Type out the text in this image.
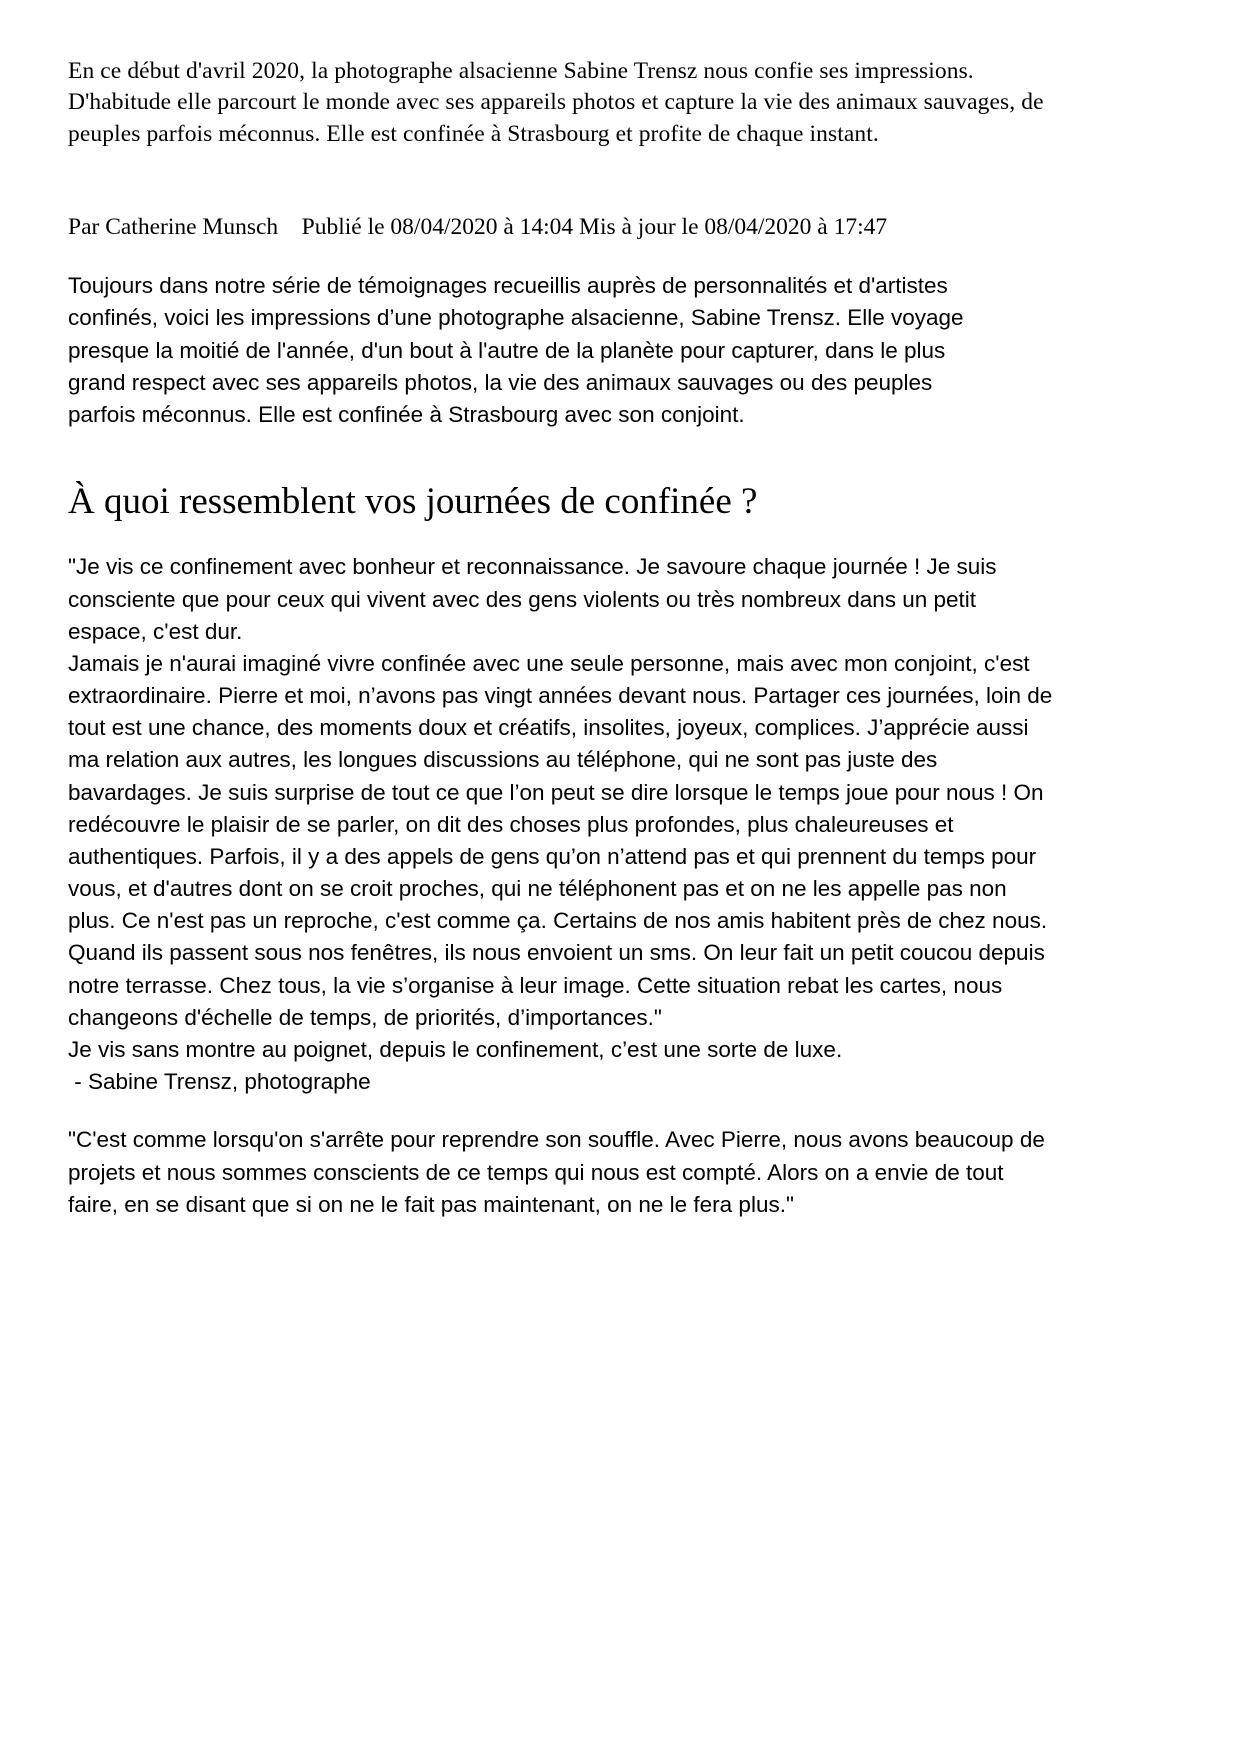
En ce début d'avril 2020, la photographe alsacienne Sabine Trensz nous confie ses impressions. D'habitude elle parcourt le monde avec ses appareils photos et capture la vie des animaux sauvages, de peuples parfois méconnus. Elle est confinée à Strasbourg et profite de chaque instant.

Par Catherine Munsch    Publié le 08/04/2020 à 14:04 Mis à jour le 08/04/2020 à 17:47

Toujours dans notre série de témoignages recueillis auprès de personnalités et d'artistes confinés, voici les impressions d’une photographe alsacienne, Sabine Trensz. Elle voyage presque la moitié de l'année, d'un bout à l'autre de la planète pour capturer, dans le plus grand respect avec ses appareils photos, la vie des animaux sauvages ou des peuples parfois méconnus. Elle est confinée à Strasbourg avec son conjoint.

À quoi ressemblent vos journées de confinée ?
"Je vis ce confinement avec bonheur et reconnaissance. Je savoure chaque journée ! Je suis consciente que pour ceux qui vivent avec des gens violents ou très nombreux dans un petit espace, c'est dur.
Jamais je n'aurai imaginé vivre confinée avec une seule personne, mais avec mon conjoint, c'est extraordinaire. Pierre et moi, n’avons pas vingt années devant nous. Partager ces journées, loin de tout est une chance, des moments doux et créatifs, insolites, joyeux, complices. J’apprécie aussi ma relation aux autres, les longues discussions au téléphone, qui ne sont pas juste des bavardages. Je suis surprise de tout ce que l’on peut se dire lorsque le temps joue pour nous ! On redécouvre le plaisir de se parler, on dit des choses plus profondes, plus chaleureuses et authentiques. Parfois, il y a des appels de gens qu’on n’attend pas et qui prennent du temps pour vous, et d'autres dont on se croit proches, qui ne téléphonent pas et on ne les appelle pas non plus. Ce n'est pas un reproche, c'est comme ça. Certains de nos amis habitent près de chez nous. Quand ils passent sous nos fenêtres, ils nous envoient un sms. On leur fait un petit coucou depuis notre terrasse. Chez tous, la vie s’organise à leur image. Cette situation rebat les cartes, nous changeons d'échelle de temps, de priorités, d’importances."
Je vis sans montre au poignet, depuis le confinement, c’est une sorte de luxe.
- Sabine Trensz, photographe

"C'est comme lorsqu'on s'arrête pour reprendre son souffle. Avec Pierre, nous avons beaucoup de projets et nous sommes conscients de ce temps qui nous est compté. Alors on a envie de tout faire, en se disant que si on ne le fait pas maintenant, on ne le fera plus."
